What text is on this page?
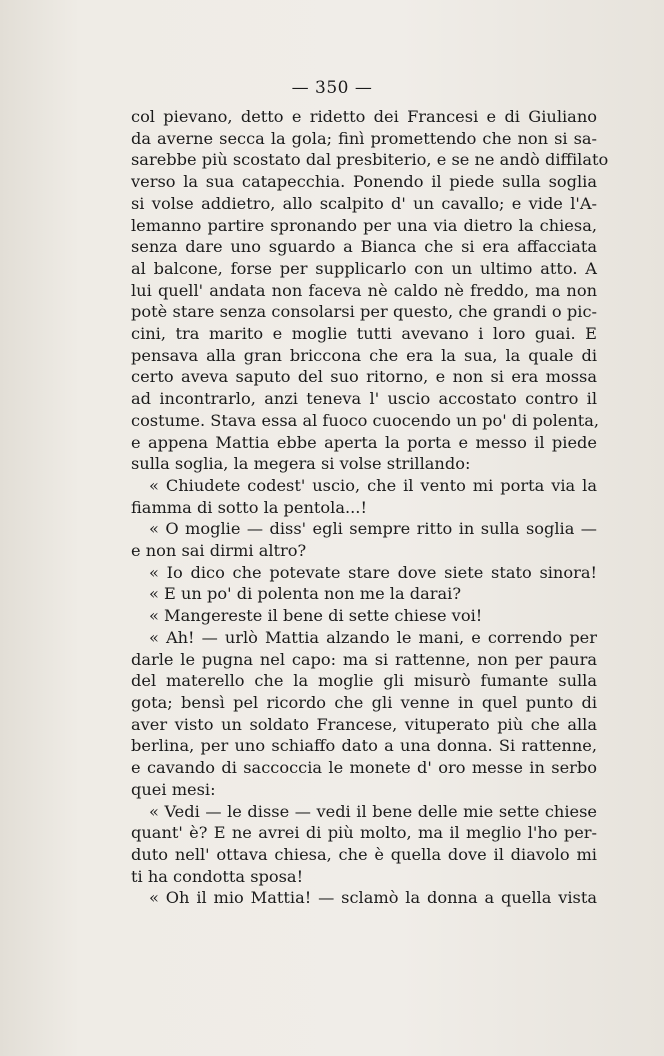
— 350 —
col pievano, detto e ridetto dei Francesi e di Giuliano
da averne secca la gola; finì promettendo che non si sa-
sarebbe più scostato dal presbiterio, e se ne andò diffilato
verso la sua catapecchia. Ponendo il piede sulla soglia
si volse addietro, allo scalpito d' un cavallo; e vide l'A-
lemanno partire spronando per una via dietro la chiesa,
senza dare uno sguardo a Bianca che si era affacciata
al balcone, forse per supplicarlo con un ultimo atto. A
lui quell' andata non faceva nè caldo nè freddo, ma non
potè stare senza consolarsi per questo, che grandi o pic-
cini, tra marito e moglie tutti avevano i loro guai. E
pensava alla gran briccona che era la sua, la quale di
certo aveva saputo del suo ritorno, e non si era mossa
ad incontrarlo, anzi teneva l' uscio accostato contro il
costume. Stava essa al fuoco cuocendo un po' di polenta,
e appena Mattia ebbe aperta la porta e messo il piede
sulla soglia, la megera si volse strillando:
« Chiudete codest' uscio, che il vento mi porta via la
fiamma di sotto la pentola...!
« O moglie — diss' egli sempre ritto in sulla soglia —
e non sai dirmi altro?
« Io dico che potevate stare dove siete stato sinora!
« E un po' di polenta non me la darai?
« Mangereste il bene di sette chiese voi!
« Ah! — urlò Mattia alzando le mani, e correndo per
darle le pugna nel capo: ma si rattenne, non per paura
del materello che la moglie gli misurò fumante sulla
gota; bensì pel ricordo che gli venne in quel punto di
aver visto un soldato Francese, vituperato più che alla
berlina, per uno schiaffo dato a una donna. Si rattenne,
e cavando di saccoccia le monete d' oro messe in serbo
quei mesi:
« Vedi — le disse — vedi il bene delle mie sette chiese
quant' è? E ne avrei di più molto, ma il meglio l'ho per-
duto nell' ottava chiesa, che è quella dove il diavolo mi
ti ha condotta sposa!
« Oh il mio Mattia! — sclamò la donna a quella vista
